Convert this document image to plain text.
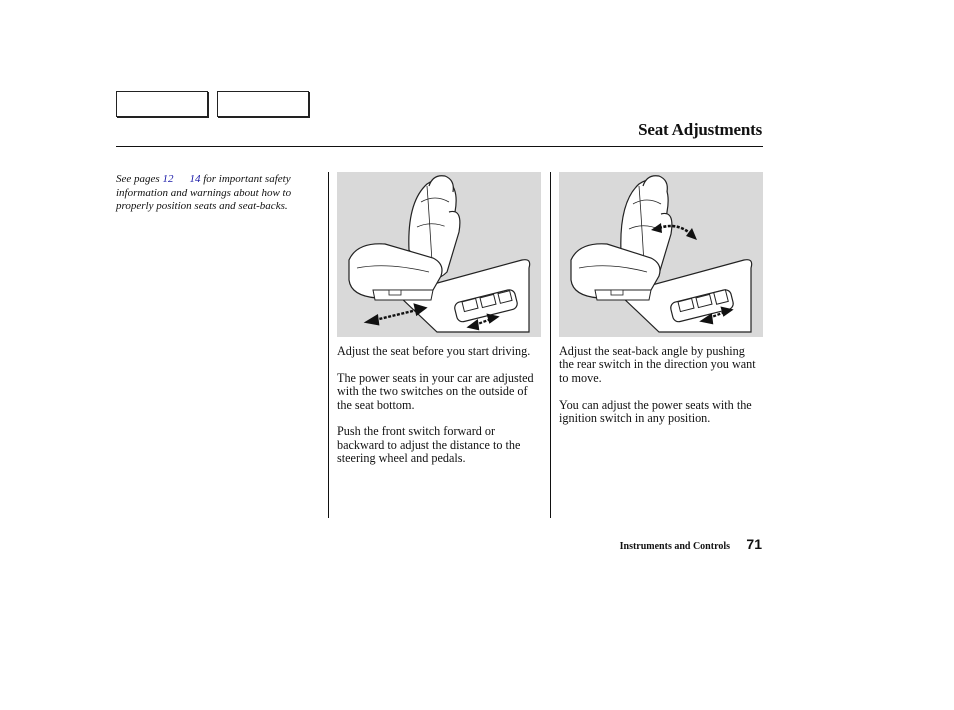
Seat Adjustments
See pages 12 14 for important safety information and warnings about how to properly position seats and seat-backs.

Adjust the seat before you start driving.

The power seats in your car are adjusted with the two switches on the outside of the seat bottom.

Push the front switch forward or backward to adjust the distance to the steering wheel and pedals.

Adjust the seat-back angle by pushing the rear switch in the direction you want to move.

You can adjust the power seats with the ignition switch in any position.

Instruments and Controls 71
